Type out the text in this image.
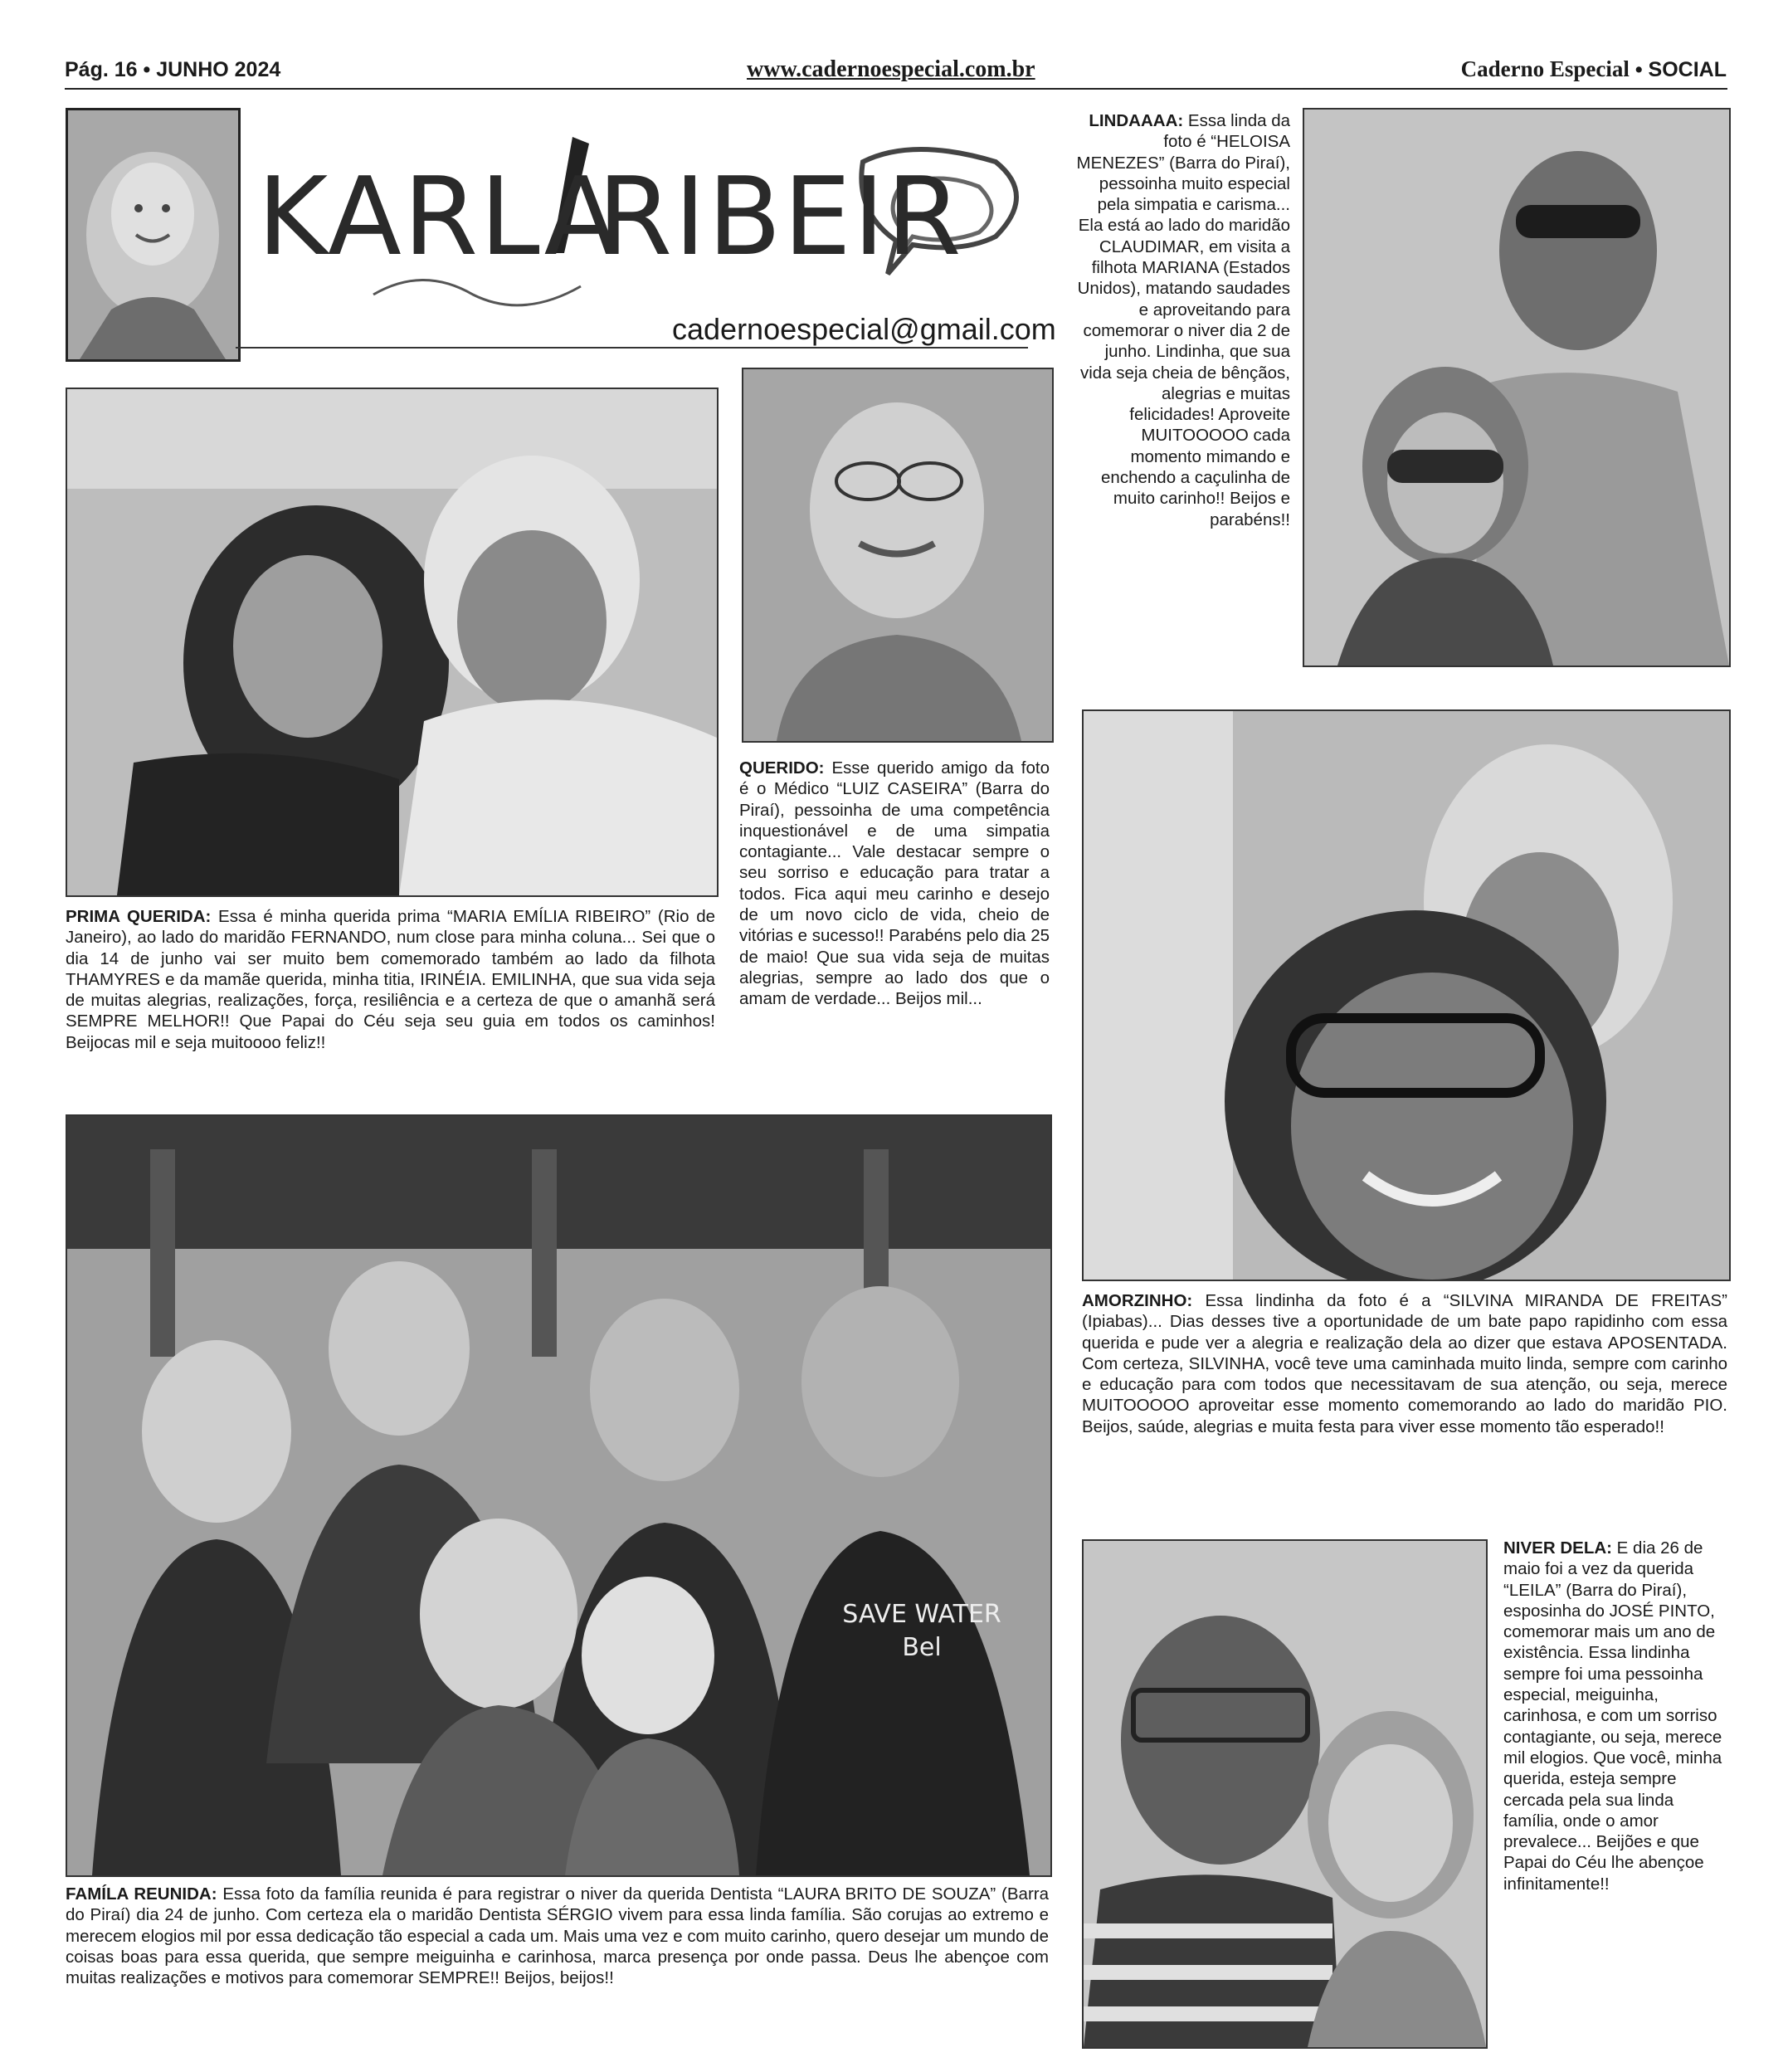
Pág. 16 • JUNHO 2024	www.cadernoespecial.com.br	Caderno Especial • SOCIAL
KARLA
RIBEIR
cadernoespecial@gmail.com
SAVE WATER
Bel
LINDAAAA: Essa linda da foto é “HELOISA MENEZES” (Barra do Piraí), pessoinha muito especial pela simpatia e carisma... Ela está ao lado do maridão CLAUDIMAR, em visita a filhota MARIANA (Estados Unidos), matando saudades e aproveitando para comemorar o niver dia 2 de junho. Lindinha, que sua vida seja cheia de bênçãos, alegrias e muitas felicidades! Aproveite MUITOOOOO cada momento mimando e enchendo a caçulinha de muito carinho!! Beijos e parabéns!!
PRIMA QUERIDA: Essa é minha querida prima “MARIA EMÍLIA RIBEIRO” (Rio de Janeiro), ao lado do maridão FERNANDO, num close para minha coluna... Sei que o dia 14 de junho vai ser muito bem comemorado também ao lado da filhota THAMYRES e da mamãe querida, minha titia, IRINÉIA. EMILINHA, que sua vida seja de muitas alegrias, realizações, força, resiliência e a certeza de que o amanhã será SEMPRE MELHOR!! Que Papai do Céu seja seu guia em todos os caminhos! Beijocas mil e seja muitoooo feliz!!
QUERIDO: Esse querido amigo da foto é o Médico “LUIZ CASEIRA” (Barra do Piraí), pessoinha de uma competência inquestionável e de uma simpatia contagiante... Vale destacar sempre o seu sorriso e educação para tratar a todos. Fica aqui meu carinho e desejo de um novo ciclo de vida, cheio de vitórias e sucesso!! Parabéns pelo dia 25 de maio! Que sua vida seja de muitas alegrias, sempre ao lado dos que o amam de verdade... Beijos mil...
AMORZINHO: Essa lindinha da foto é a “SILVINA MIRANDA DE FREITAS” (Ipiabas)... Dias desses tive a oportunidade de um bate papo rapidinho com essa querida e pude ver a alegria e realização dela ao dizer que estava APOSENTADA. Com certeza, SILVINHA, você teve uma caminhada muito linda, sempre com carinho e educação para com todos que necessitavam de sua atenção, ou seja, merece MUITOOOOO aproveitar esse momento comemorando ao lado do maridão PIO. Beijos, saúde, alegrias e muita festa para viver esse momento tão esperado!!
NIVER DELA: E dia 26 de maio foi a vez da querida “LEILA” (Barra do Piraí), esposinha do JOSÉ PINTO, comemorar mais um ano de existência. Essa lindinha sempre foi uma pessoinha especial, meiguinha, carinhosa, e com um sorriso contagiante, ou seja, merece mil elogios. Que você, minha querida, esteja sempre cercada pela sua linda família, onde o amor prevalece... Beijões e que Papai do Céu lhe abençoe infinitamente!!
FAMÍLA REUNIDA: Essa foto da família reunida é para registrar o niver da querida Dentista “LAURA BRITO DE SOUZA” (Barra do Piraí) dia 24 de junho. Com certeza ela o maridão Dentista SÉRGIO vivem para essa linda família. São corujas ao extremo e merecem elogios mil por essa dedicação tão especial a cada um. Mais uma vez e com muito carinho, quero desejar um mundo de coisas boas para essa querida, que sempre meiguinha e carinhosa, marca presença por onde passa. Deus lhe abençoe com muitas realizações e motivos para comemorar SEMPRE!! Beijos, beijos!!
